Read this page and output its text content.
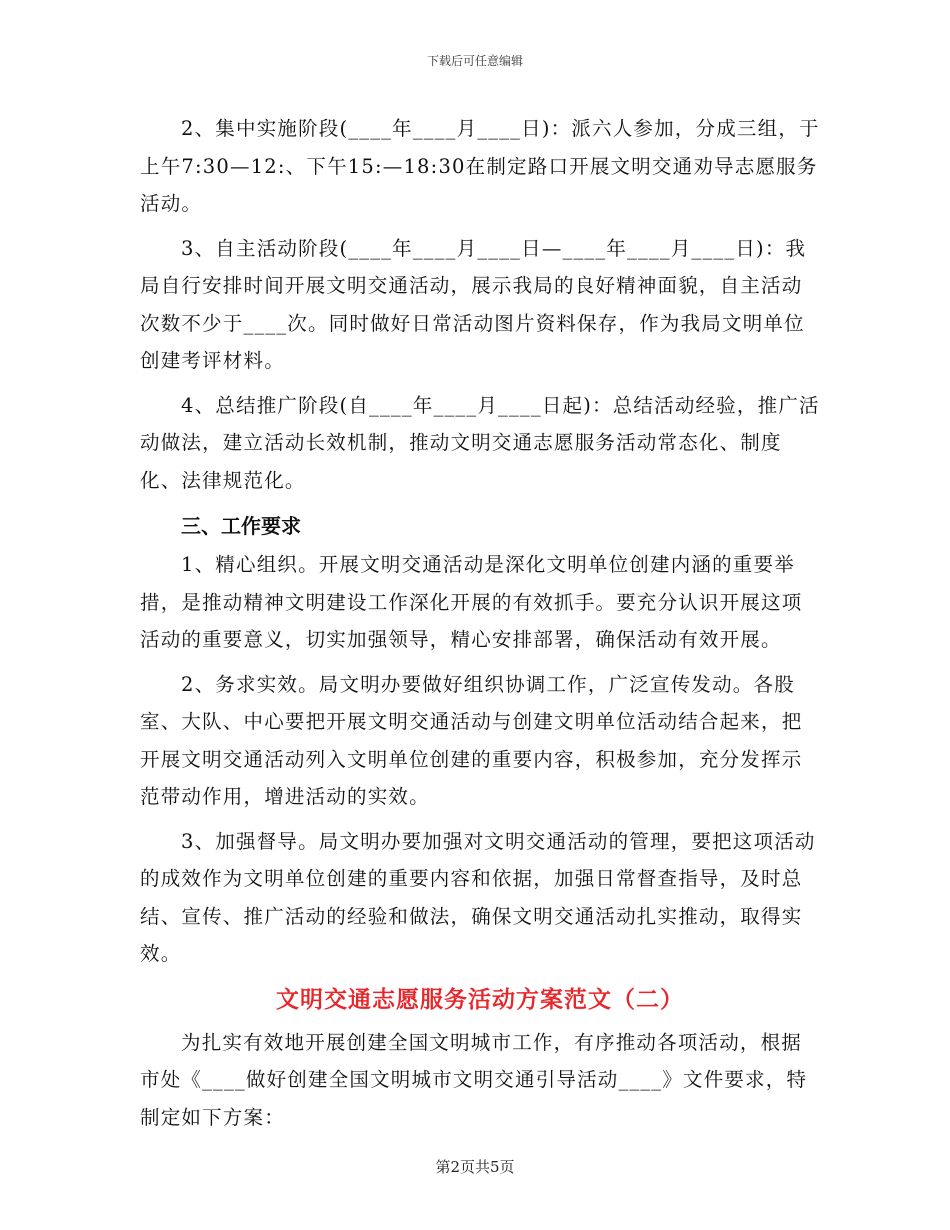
下载后可任意编辑

2、集中实施阶段(____年____月____日)：派六人参加，分成三组，于上午7:30—12:、下午15:—18:30在制定路口开展文明交通劝导志愿服务活动。

3、自主活动阶段(____年____月____日—____年____月____日)：我局自行安排时间开展文明交通活动，展示我局的良好精神面貌，自主活动次数不少于____次。同时做好日常活动图片资料保存，作为我局文明单位创建考评材料。

4、总结推广阶段(自____年____月____日起)：总结活动经验，推广活动做法，建立活动长效机制，推动文明交通志愿服务活动常态化、制度化、法律规范化。

三、工作要求

1、精心组织。开展文明交通活动是深化文明单位创建内涵的重要举措，是推动精神文明建设工作深化开展的有效抓手。要充分认识开展这项活动的重要意义，切实加强领导，精心安排部署，确保活动有效开展。

2、务求实效。局文明办要做好组织协调工作，广泛宣传发动。各股室、大队、中心要把开展文明交通活动与创建文明单位活动结合起来，把开展文明交通活动列入文明单位创建的重要内容，积极参加，充分发挥示范带动作用，增进活动的实效。

3、加强督导。局文明办要加强对文明交通活动的管理，要把这项活动的成效作为文明单位创建的重要内容和依据，加强日常督查指导，及时总结、宣传、推广活动的经验和做法，确保文明交通活动扎实推动，取得实效。

文明交通志愿服务活动方案范文（二）

为扎实有效地开展创建全国文明城市工作，有序推动各项活动，根据市处《____做好创建全国文明城市文明交通引导活动____》文件要求，特制定如下方案：

第2页共5页
